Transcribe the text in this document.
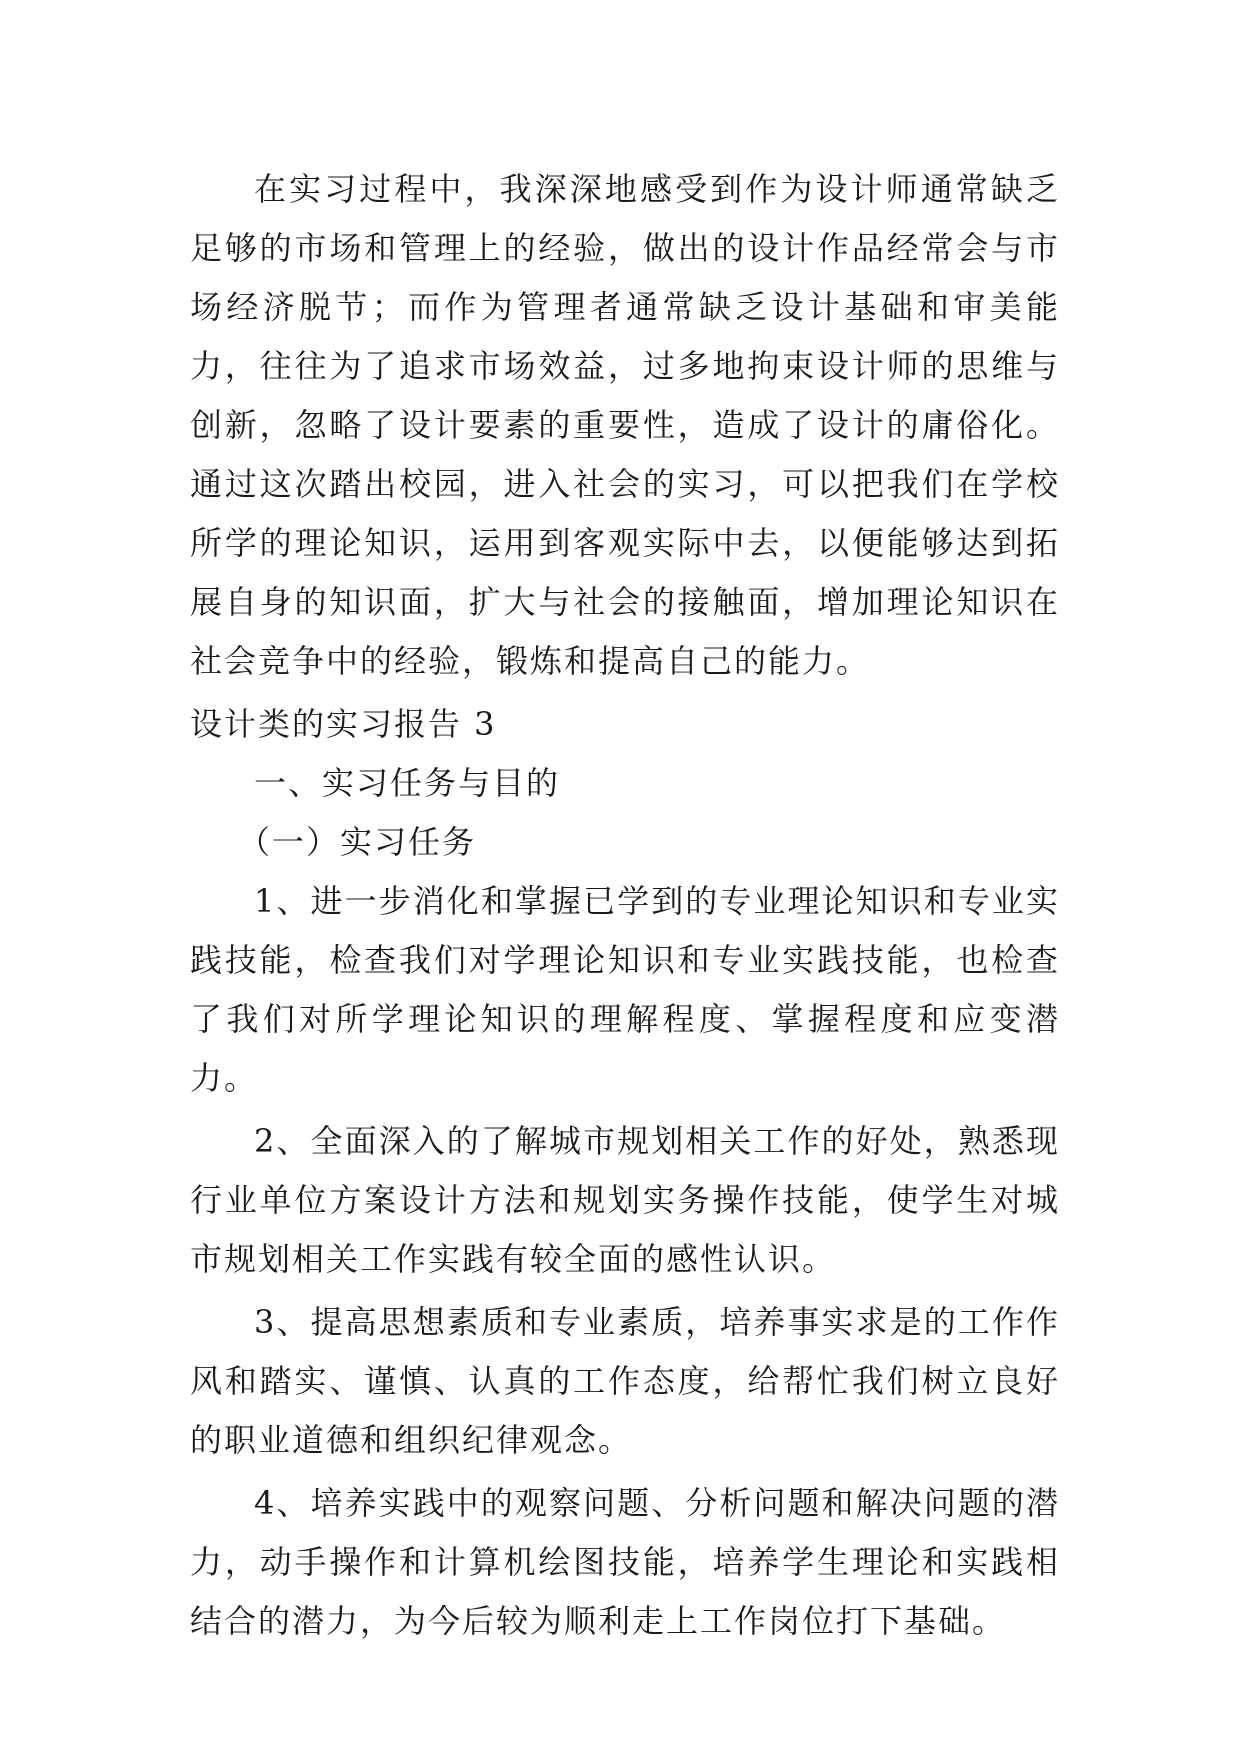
在实习过程中，我深深地感受到作为设计师通常缺乏足够的市场和管理上的经验，做出的设计作品经常会与市场经济脱节；而作为管理者通常缺乏设计基础和审美能力，往往为了追求市场效益，过多地拘束设计师的思维与创新，忽略了设计要素的重要性，造成了设计的庸俗化。通过这次踏出校园，进入社会的实习，可以把我们在学校所学的理论知识，运用到客观实际中去，以便能够达到拓展自身的知识面，扩大与社会的接触面，增加理论知识在社会竞争中的经验，锻炼和提高自己的能力。

设计类的实习报告 3

一、实习任务与目的

（一）实习任务

1、进一步消化和掌握已学到的专业理论知识和专业实践技能，检查我们对学理论知识和专业实践技能，也检查了我们对所学理论知识的理解程度、掌握程度和应变潜力。

2、全面深入的了解城市规划相关工作的好处，熟悉现行业单位方案设计方法和规划实务操作技能，使学生对城市规划相关工作实践有较全面的感性认识。

3、提高思想素质和专业素质，培养事实求是的工作作风和踏实、谨慎、认真的工作态度，给帮忙我们树立良好的职业道德和组织纪律观念。

4、培养实践中的观察问题、分析问题和解决问题的潜力，动手操作和计算机绘图技能，培养学生理论和实践相结合的潜力，为今后较为顺利走上工作岗位打下基础。
